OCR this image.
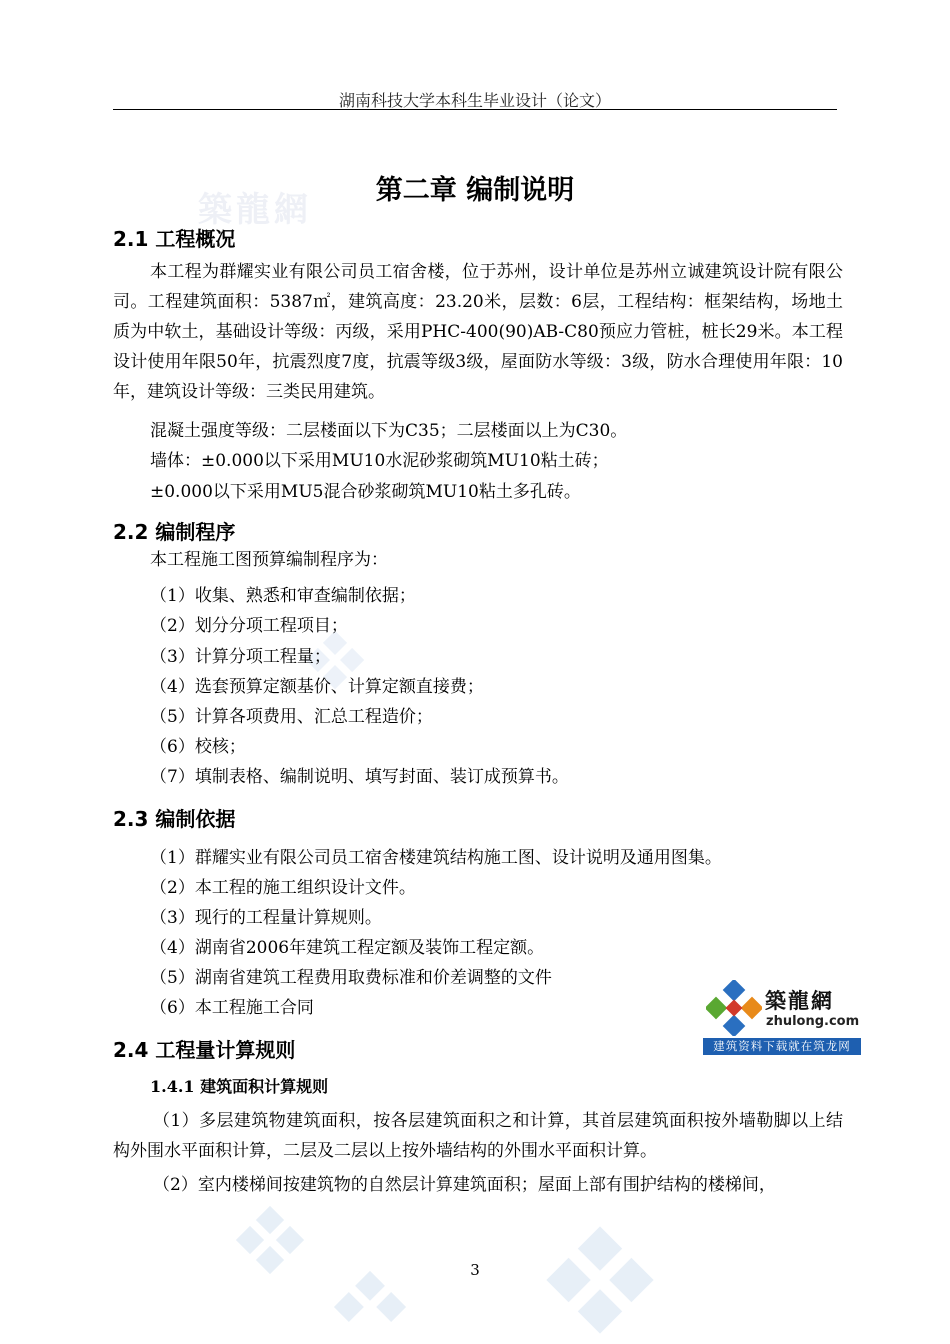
築龍網
湖南科技大学本科生毕业设计（论文）
第二章 编制说明
2.1 工程概况
本工程为群耀实业有限公司员工宿舍楼，位于苏州，设计单位是苏州立诚建筑设计院有限公司。工程建筑面积：5387㎡，建筑高度：23.20米，层数：6层，工程结构：框架结构，场地土质为中软土，基础设计等级：丙级，采用PHC-400(90)AB-C80预应力管桩，桩长29米。本工程设计使用年限50年，抗震烈度7度，抗震等级3级，屋面防水等级：3级，防水合理使用年限：10年，建筑设计等级：三类民用建筑。
混凝土强度等级：二层楼面以下为C35；二层楼面以上为C30。
墙体：±0.000以下采用MU10水泥砂浆砌筑MU10粘土砖；
±0.000以下采用MU5混合砂浆砌筑MU10粘土多孔砖。
2.2 编制程序
本工程施工图预算编制程序为：
（1）收集、熟悉和审查编制依据；
（2）划分分项工程项目；
（3）计算分项工程量；
（4）选套预算定额基价、计算定额直接费；
（5）计算各项费用、汇总工程造价；
（6）校核；
（7）填制表格、编制说明、填写封面、装订成预算书。
2.3 编制依据
（1）群耀实业有限公司员工宿舍楼建筑结构施工图、设计说明及通用图集。
（2）本工程的施工组织设计文件。
（3）现行的工程量计算规则。
（4）湖南省2006年建筑工程定额及装饰工程定额。
（5）湖南省建筑工程费用取费标准和价差调整的文件
（6）本工程施工合同	築龍網
zhulong.com
建筑资料下载就在筑龙网
2.4 工程量计算规则
1.4.1 建筑面积计算规则
（1）多层建筑物建筑面积，按各层建筑面积之和计算，其首层建筑面积按外墙勒脚以上结构外围水平面积计算，二层及二层以上按外墙结构的外围水平面积计算。
（2）室内楼梯间按建筑物的自然层计算建筑面积；屋面上部有围护结构的楼梯间，
3
